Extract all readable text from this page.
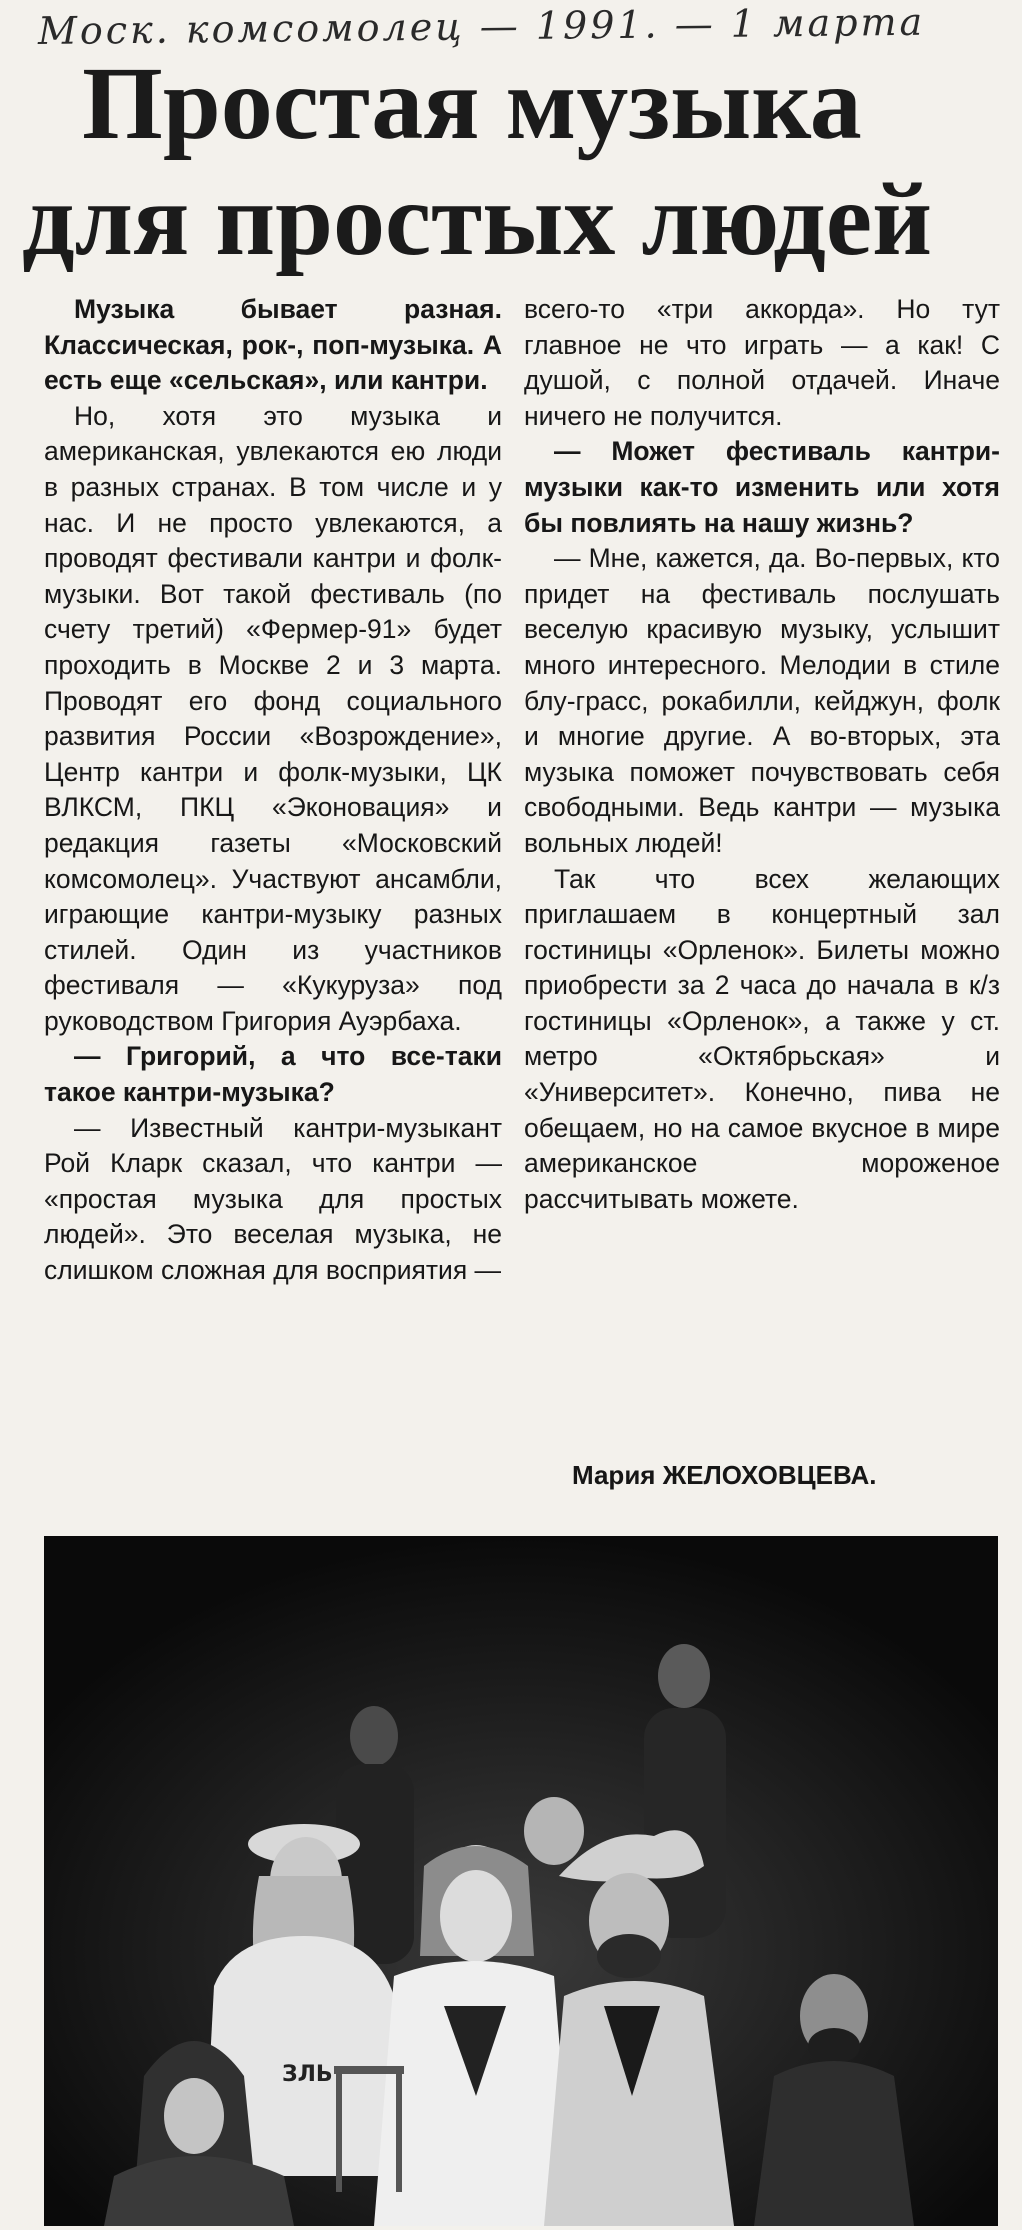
Моск. комсомолец — 1991. — 1 марта
Простая музыка
для простых людей

Музыка бывает разная. Классическая, рок-, поп-музыка. А есть еще «сельская», или кантри.

Но, хотя это музыка и американская, увлекаются ею люди в разных странах. В том числе и у нас. И не просто увлекаются, а проводят фестивали кантри и фолк-музыки. Вот такой фестиваль (по счету третий) «Фермер-91» будет проходить в Москве 2 и 3 марта. Проводят его фонд социального развития России «Возрождение», Центр кантри и фолк-музыки, ЦК ВЛКСМ, ПКЦ «Эконовация» и редакция газеты «Московский комсомолец». Участвуют ансамбли, играющие кантри-музыку разных стилей. Один из участников фестиваля — «Кукуруза» под руководством Григория Ауэрбаха.

— Григорий, а что все-таки такое кантри-музыка?

— Известный кантри-музыкант Рой Кларк сказал, что кантри — «простая музыка для простых людей». Это веселая музыка, не слишком сложная для восприятия —

всего-то «три аккорда». Но тут главное не что играть — а как! С душой, с полной отдачей. Иначе ничего не получится.

— Может фестиваль кантри-музыки как-то изменить или хотя бы повлиять на нашу жизнь?

— Мне, кажется, да. Во-первых, кто придет на фестиваль послушать веселую красивую музыку, услышит много интересного. Мелодии в стиле блу-грасс, рокабилли, кейджун, фолк и многие другие. А во-вторых, эта музыка поможет почувствовать себя свободными. Ведь кантри — музыка вольных людей!

Так что всех желающих приглашаем в концертный зал гостиницы «Орленок». Билеты можно приобрести за 2 часа до начала в к/з гостиницы «Орленок», а также у ст. метро «Октябрьская» и «Университет». Конечно, пива не обещаем, но на самое вкусное в мире американское мороженое рассчитывать можете.

Мария ЖЕЛОХОВЦЕВА.
ЗЛЬ
